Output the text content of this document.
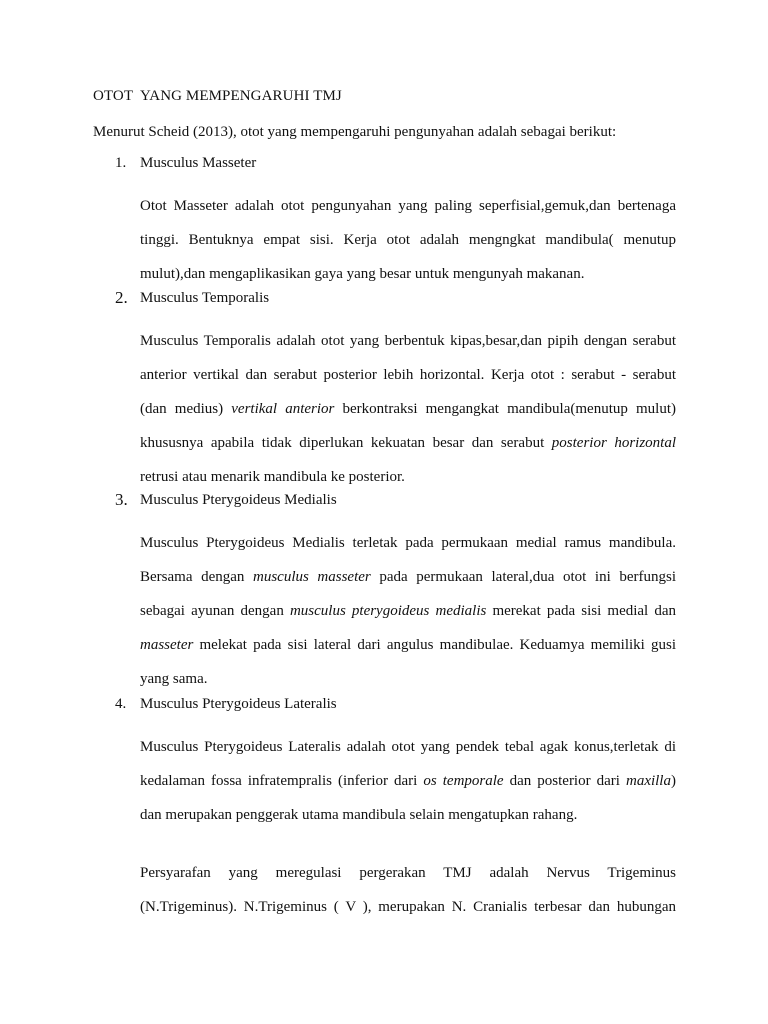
OTOT  YANG MEMPENGARUHI TMJ

Menurut Scheid (2013), otot yang mempengaruhi pengunyahan adalah sebagai berikut:

1. Musculus Masseter
Otot Masseter adalah otot pengunyahan yang paling seperfisial,gemuk,dan bertenaga
tinggi. Bentuknya empat sisi. Kerja otot adalah mengngkat mandibula( menutup
mulut),dan mengaplikasikan gaya yang besar untuk mengunyah makanan.
2. Musculus Temporalis
Musculus Temporalis adalah otot yang berbentuk kipas,besar,dan pipih dengan serabut
anterior vertikal dan serabut posterior lebih horizontal. Kerja otot : serabut - serabut
(dan medius) vertikal anterior berkontraksi mengangkat mandibula(menutup mulut)
khususnya apabila tidak diperlukan kekuatan besar dan serabut posterior horizontal
retrusi atau menarik mandibula ke posterior.
3. Musculus Pterygoideus Medialis
Musculus Pterygoideus Medialis terletak pada permukaan medial ramus mandibula.
Bersama dengan musculus masseter pada permukaan lateral,dua otot ini berfungsi
sebagai ayunan dengan musculus pterygoideus medialis merekat pada sisi medial dan
masseter melekat pada sisi lateral dari angulus mandibulae. Keduamya memiliki gusi
yang sama.
4. Musculus Pterygoideus Lateralis
Musculus Pterygoideus Lateralis adalah otot yang pendek tebal agak konus,terletak di
kedalaman fossa infratempralis (inferior dari os temporale dan posterior dari maxilla)
dan merupakan penggerak utama mandibula selain mengatupkan rahang.
Persyarafan yang meregulasi pergerakan TMJ adalah Nervus Trigeminus
(N.Trigeminus). N.Trigeminus ( V ), merupakan N. Cranialis terbesar dan hubungan
